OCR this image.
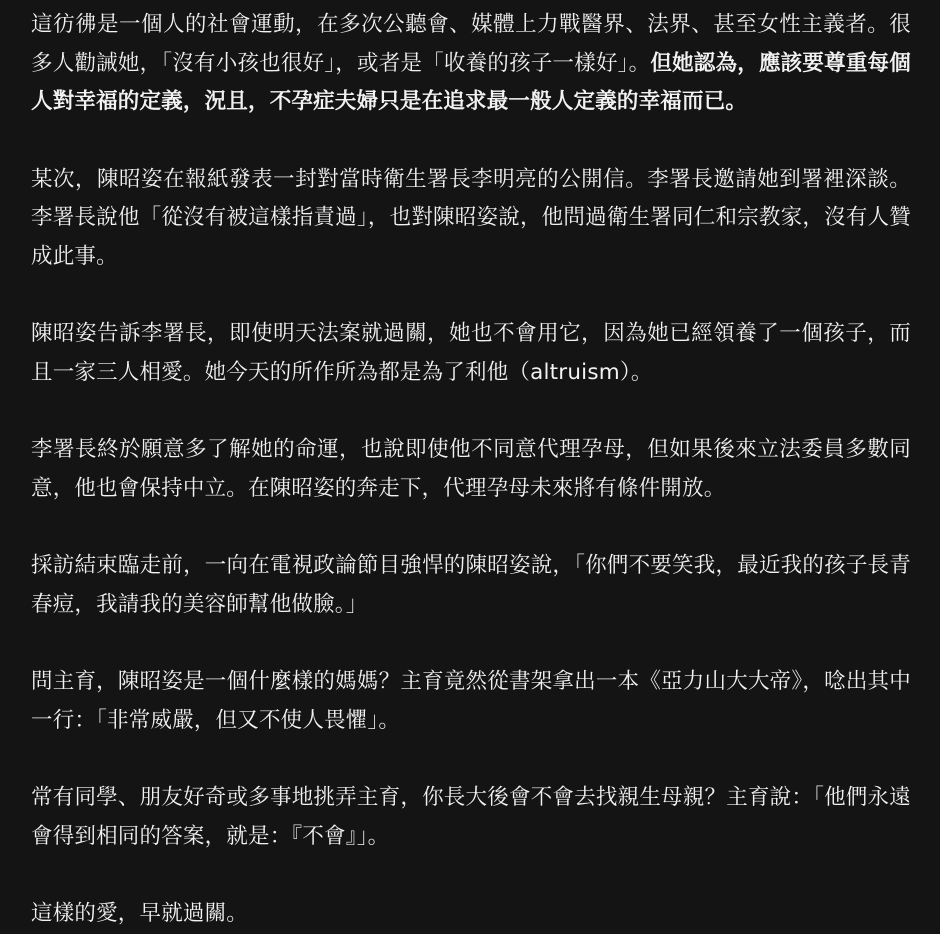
這彷彿是一個人的社會運動，在多次公聽會、媒體上力戰醫界、法界、甚至女性主義者。很多人勸誡她，「沒有小孩也很好」，或者是「收養的孩子一樣好」。但她認為，應該要尊重每個人對幸福的定義，況且，不孕症夫婦只是在追求最一般人定義的幸福而已。

某次，陳昭姿在報紙發表一封對當時衛生署長李明亮的公開信。李署長邀請她到署裡深談。李署長說他「從沒有被這樣指責過」，也對陳昭姿說，他問過衛生署同仁和宗教家，沒有人贊成此事。

陳昭姿告訴李署長，即使明天法案就過關，她也不會用它，因為她已經領養了一個孩子，而且一家三人相愛。她今天的所作所為都是為了利他（altruism）。

李署長終於願意多了解她的命運，也說即使他不同意代理孕母，但如果後來立法委員多數同意，他也會保持中立。在陳昭姿的奔走下，代理孕母未來將有條件開放。

採訪結束臨走前，一向在電視政論節目強悍的陳昭姿說，「你們不要笑我，最近我的孩子長青春痘，我請我的美容師幫他做臉。」

問主育，陳昭姿是一個什麼樣的媽媽？主育竟然從書架拿出一本《亞力山大大帝》，唸出其中一行：「非常威嚴，但又不使人畏懼」。

常有同學、朋友好奇或多事地挑弄主育，你長大後會不會去找親生母親？主育說：「他們永遠會得到相同的答案，就是：『不會』」。

這樣的愛，早就過關。
